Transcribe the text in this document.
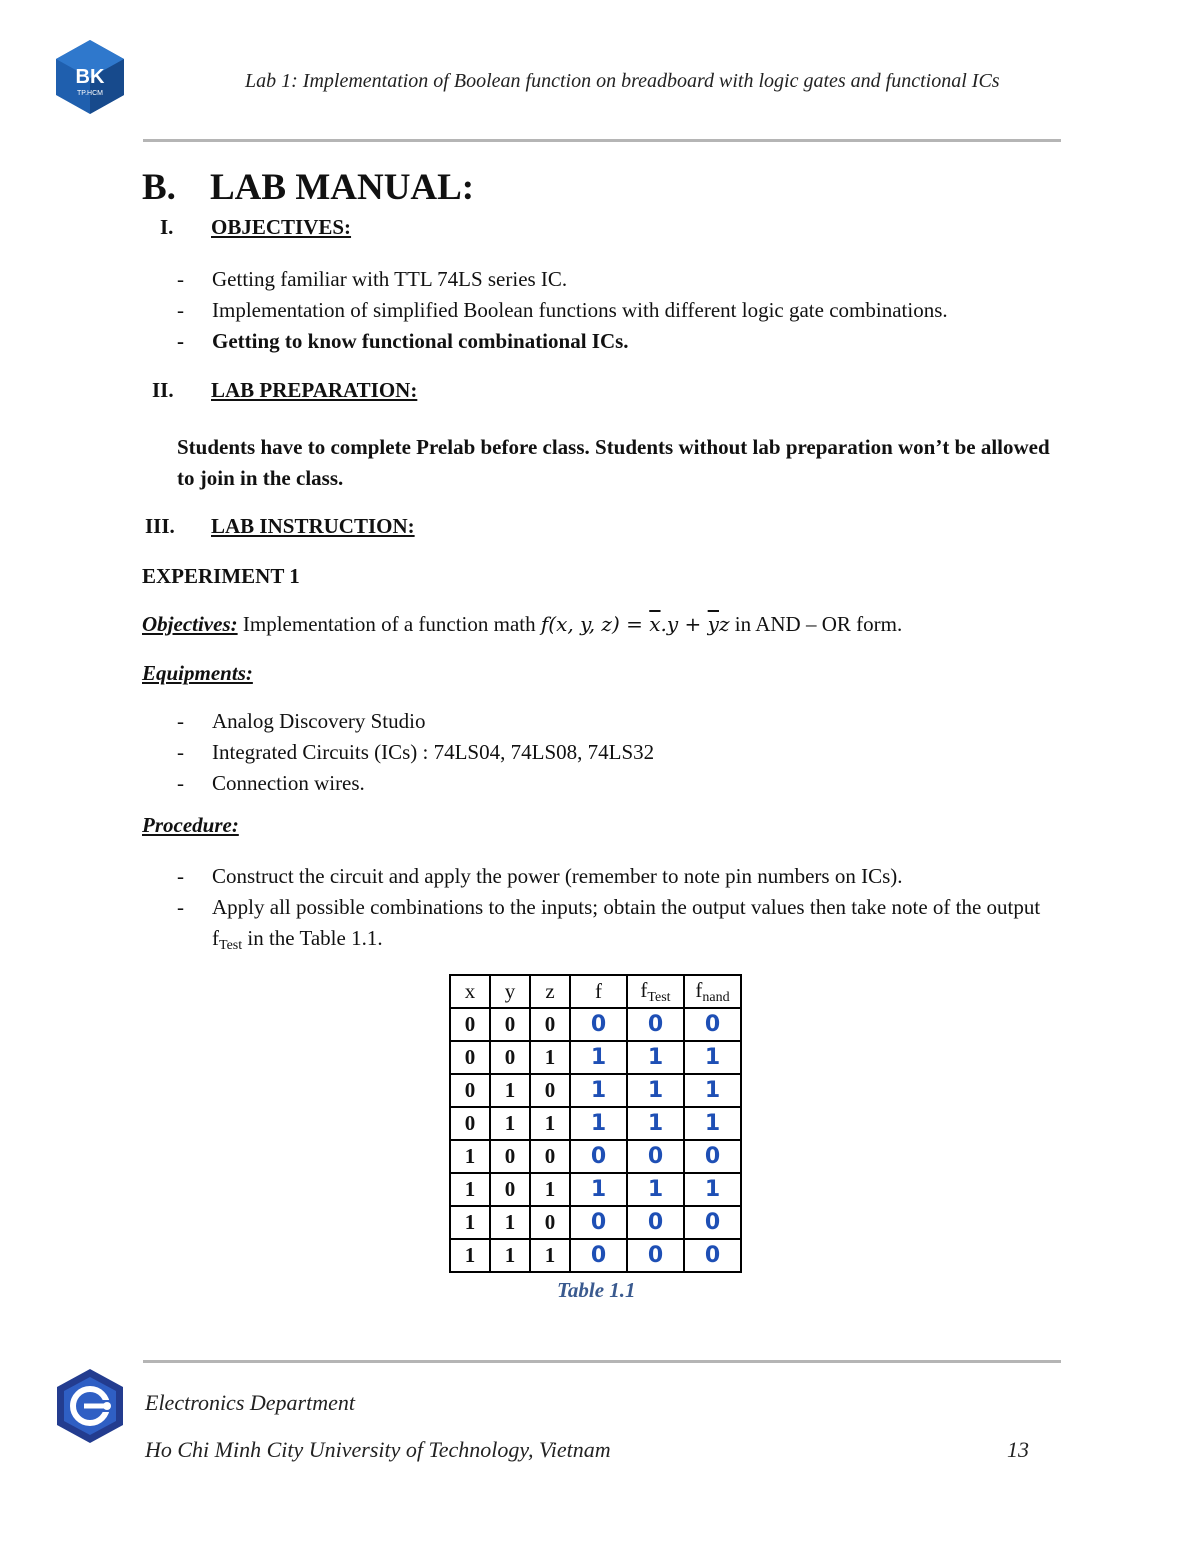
BK
TP.HCM
Lab 1: Implementation of Boolean function on breadboard with logic gates and functional ICs
B. LAB MANUAL:
I. OBJECTIVES:
- Getting familiar with TTL 74LS series IC.
- Implementation of simplified Boolean functions with different logic gate combinations.
- Getting to know functional combinational ICs.
II. LAB PREPARATION:
Students have to complete Prelab before class. Students without lab preparation won’t be allowed to join in the class.
III. LAB INSTRUCTION:
EXPERIMENT 1
Objectives: Implementation of a function math f(x, y, $z) = \overline{x}.y + \overline{y}z$ in AND – OR form.
Equipments:
- Analog Discovery Studio
- Integrated Circuits (ICs) : 74LS04, 74LS08, 74LS32
- Connection wires.
Procedure:
- Construct the circuit and apply the power (remember to note pin numbers on ICs).
- Apply all possible combinations to the inputs; obtain the output values then take note of the output $f_{Test}$ in the Table 1.1.
x	y	z	f	$f_{Test}$	$f_{nand}$
0	0	0	0	0	0
0	0	1	1	1	1
0	1	0	1	1	1
0	1	1	1	1	1
1	0	0	0	0	0
1	0	1	1	1	1
1	1	0	0	0	0
1	1	1	0	0	0
Table 1.1
Electronics Department
Ho Chi Minh City University of Technology, Vietnam	13
